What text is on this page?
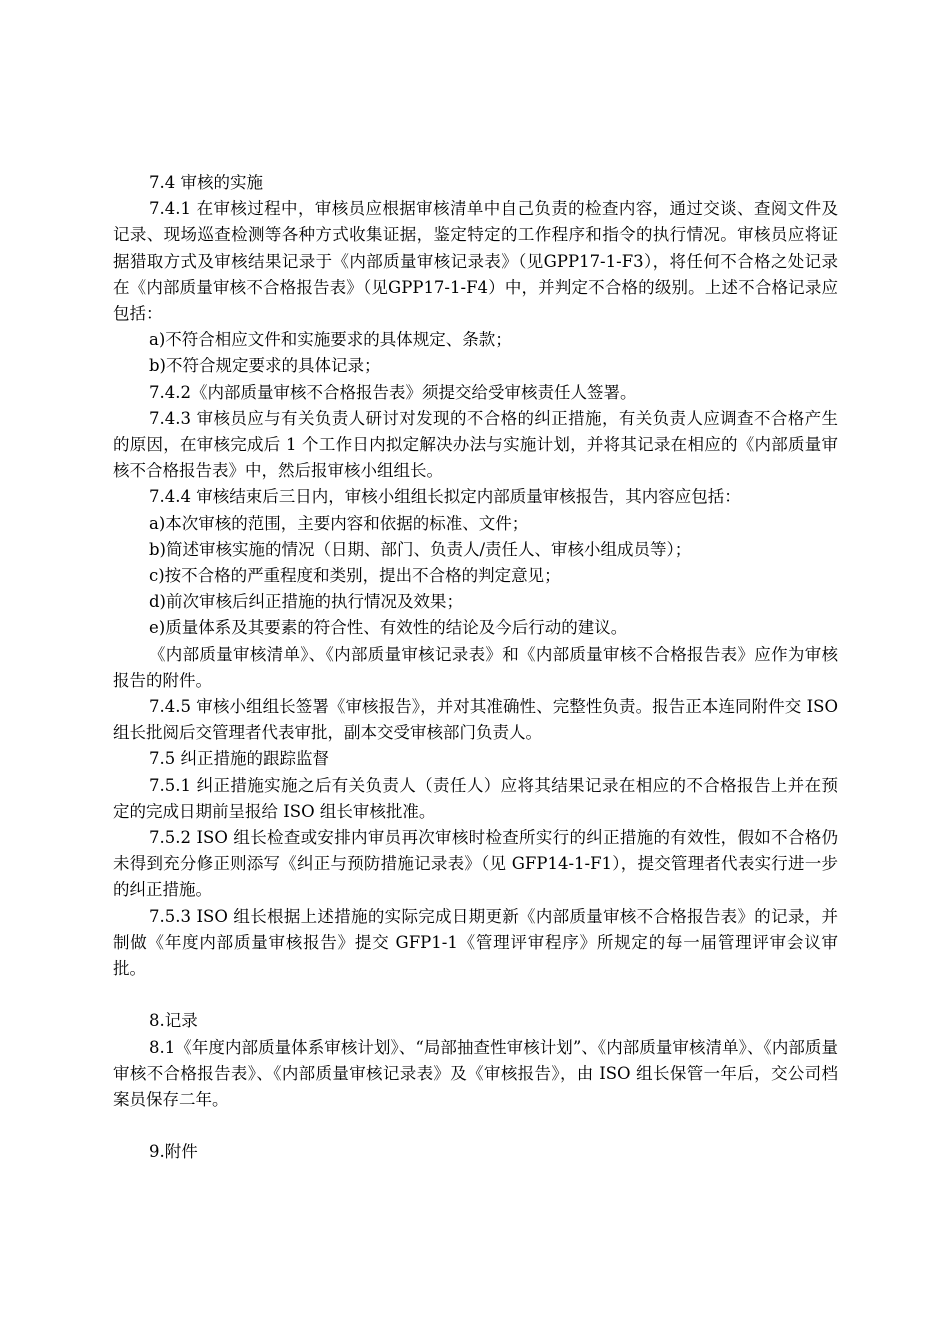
7.4 审核的实施

7.4.1 在审核过程中，审核员应根据审核清单中自己负责的检查内容，通过交谈、查阅文件及记录、现场巡查检测等各种方式收集证据，鉴定特定的工作程序和指令的执行情况。审核员应将证据猎取方式及审核结果记录于《内部质量审核记录表》（见GPP17-1-F3），将任何不合格之处记录在《内部质量审核不合格报告表》（见GPP17-1-F4）中，并判定不合格的级别。上述不合格记录应包括：

a)不符合相应文件和实施要求的具体规定、条款；

b)不符合规定要求的具体记录；

7.4.2《内部质量审核不合格报告表》须提交给受审核责任人签署。

7.4.3 审核员应与有关负责人研讨对发现的不合格的纠正措施，有关负责人应调查不合格产生的原因，在审核完成后 1 个工作日内拟定解决办法与实施计划，并将其记录在相应的《内部质量审核不合格报告表》中，然后报审核小组组长。

7.4.4 审核结束后三日内，审核小组组长拟定内部质量审核报告，其内容应包括：

a)本次审核的范围，主要内容和依据的标准、文件；

b)简述审核实施的情况（日期、部门、负责人/责任人、审核小组成员等）；

c)按不合格的严重程度和类别，提出不合格的判定意见；

d)前次审核后纠正措施的执行情况及效果；

e)质量体系及其要素的符合性、有效性的结论及今后行动的建议。

《内部质量审核清单》、《内部质量审核记录表》和《内部质量审核不合格报告表》应作为审核报告的附件。

7.4.5 审核小组组长签署《审核报告》，并对其准确性、完整性负责。报告正本连同附件交 ISO 组长批阅后交管理者代表审批，副本交受审核部门负责人。

7.5 纠正措施的跟踪监督

7.5.1 纠正措施实施之后有关负责人（责任人）应将其结果记录在相应的不合格报告上并在预定的完成日期前呈报给 ISO 组长审核批准。

7.5.2 ISO 组长检查或安排内审员再次审核时检查所实行的纠正措施的有效性，假如不合格仍未得到充分修正则添写《纠正与预防措施记录表》（见 GFP14-1-F1），提交管理者代表实行进一步的纠正措施。

7.5.3 ISO 组长根据上述措施的实际完成日期更新《内部质量审核不合格报告表》的记录，并制做《年度内部质量审核报告》提交 GFP1-1《管理评审程序》所规定的每一届管理评审会议审批。

8.记录

8.1《年度内部质量体系审核计划》、“局部抽查性审核计划”、《内部质量审核清单》、《内部质量审核不合格报告表》、《内部质量审核记录表》及《审核报告》，由 ISO 组长保管一年后，交公司档案员保存二年。

9.附件
